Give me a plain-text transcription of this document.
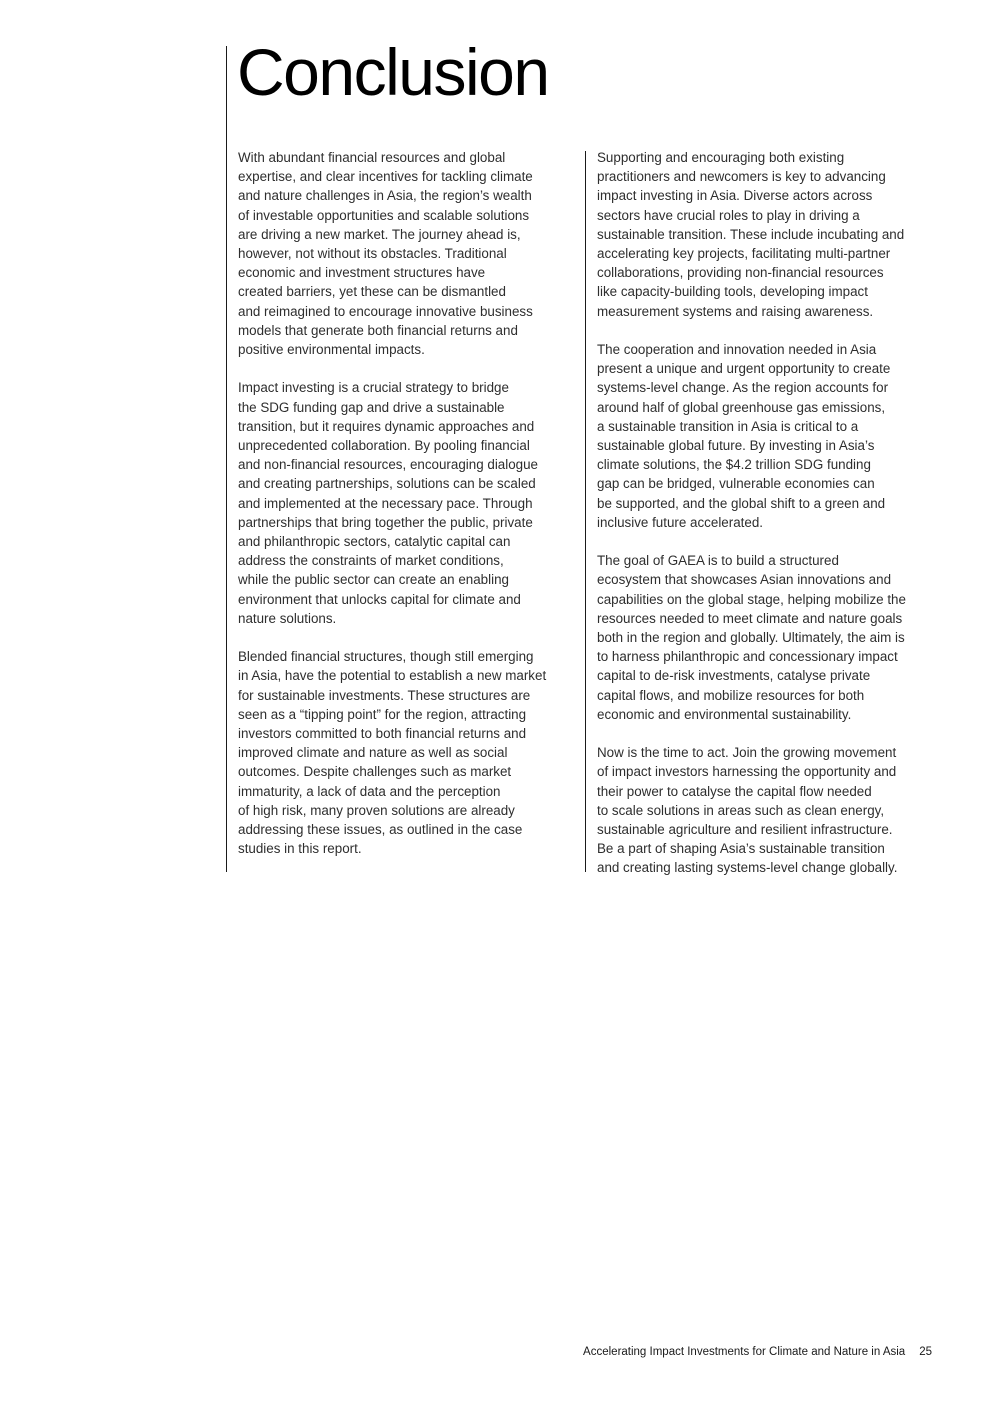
Conclusion

With abundant financial resources and global
expertise, and clear incentives for tackling climate
and nature challenges in Asia, the region’s wealth
of investable opportunities and scalable solutions
are driving a new market. The journey ahead is,
however, not without its obstacles. Traditional
economic and investment structures have
created barriers, yet these can be dismantled
and reimagined to encourage innovative business
models that generate both financial returns and
positive environmental impacts.

Impact investing is a crucial strategy to bridge
the SDG funding gap and drive a sustainable
transition, but it requires dynamic approaches and
unprecedented collaboration. By pooling financial
and non-financial resources, encouraging dialogue
and creating partnerships, solutions can be scaled
and implemented at the necessary pace. Through
partnerships that bring together the public, private
and philanthropic sectors, catalytic capital can
address the constraints of market conditions,
while the public sector can create an enabling
environment that unlocks capital for climate and
nature solutions.

Blended financial structures, though still emerging
in Asia, have the potential to establish a new market
for sustainable investments. These structures are
seen as a “tipping point” for the region, attracting
investors committed to both financial returns and
improved climate and nature as well as social
outcomes. Despite challenges such as market
immaturity, a lack of data and the perception
of high risk, many proven solutions are already
addressing these issues, as outlined in the case
studies in this report.

Supporting and encouraging both existing
practitioners and newcomers is key to advancing
impact investing in Asia. Diverse actors across
sectors have crucial roles to play in driving a
sustainable transition. These include incubating and
accelerating key projects, facilitating multi-partner
collaborations, providing non-financial resources
like capacity-building tools, developing impact
measurement systems and raising awareness.

The cooperation and innovation needed in Asia
present a unique and urgent opportunity to create
systems-level change. As the region accounts for
around half of global greenhouse gas emissions,
a sustainable transition in Asia is critical to a
sustainable global future. By investing in Asia’s
climate solutions, the $4.2 trillion SDG funding
gap can be bridged, vulnerable economies can
be supported, and the global shift to a green and
inclusive future accelerated.

The goal of GAEA is to build a structured
ecosystem that showcases Asian innovations and
capabilities on the global stage, helping mobilize the
resources needed to meet climate and nature goals
both in the region and globally. Ultimately, the aim is
to harness philanthropic and concessionary impact
capital to de-risk investments, catalyse private
capital flows, and mobilize resources for both
economic and environmental sustainability.

Now is the time to act. Join the growing movement
of impact investors harnessing the opportunity and
their power to catalyse the capital flow needed
to scale solutions in areas such as clean energy,
sustainable agriculture and resilient infrastructure.
Be a part of shaping Asia’s sustainable transition
and creating lasting systems-level change globally.

Accelerating Impact Investments for Climate and Nature in Asia 25
